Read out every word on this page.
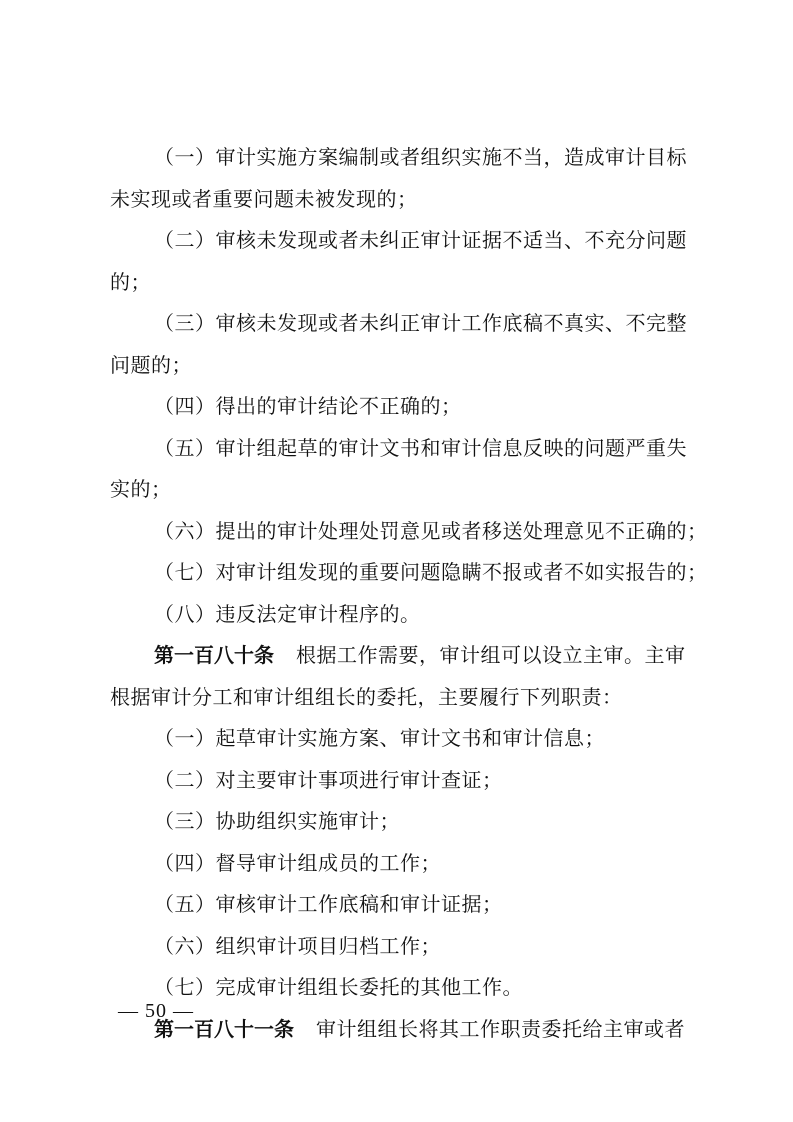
（一）审计实施方案编制或者组织实施不当，造成审计目标
未实现或者重要问题未被发现的；
（二）审核未发现或者未纠正审计证据不适当、不充分问题
的；
（三）审核未发现或者未纠正审计工作底稿不真实、不完整
问题的；
（四）得出的审计结论不正确的；
（五）审计组起草的审计文书和审计信息反映的问题严重失
实的；
（六）提出的审计处理处罚意见或者移送处理意见不正确的；
（七）对审计组发现的重要问题隐瞒不报或者不如实报告的；
（八）违反法定审计程序的。
第一百八十条 根据工作需要，审计组可以设立主审。主审
根据审计分工和审计组组长的委托，主要履行下列职责：
（一）起草审计实施方案、审计文书和审计信息；
（二）对主要审计事项进行审计查证；
（三）协助组织实施审计；
（四）督导审计组成员的工作；
（五）审核审计工作底稿和审计证据；
（六）组织审计项目归档工作；
（七）完成审计组组长委托的其他工作。
第一百八十一条 审计组组长将其工作职责委托给主审或者
— 50 —
